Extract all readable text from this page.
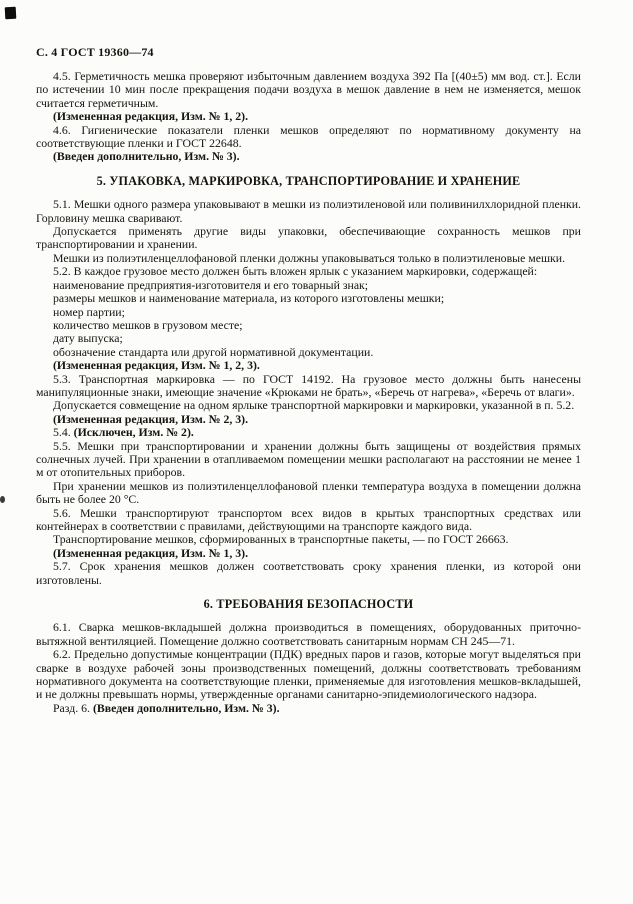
С. 4 ГОСТ 19360—74

4.5. Герметичность мешка проверяют избыточным давлением воздуха 392 Па [(40±5) мм вод. ст.]. Если по истечении 10 мин после прекращения подачи воздуха в мешок давление в нем не изменяется, мешок считается герметичным.

(Измененная редакция, Изм. № 1, 2).

4.6. Гигиенические показатели пленки мешков определяют по нормативному документу на соответствующие пленки и ГОСТ 22648.

(Введен дополнительно, Изм. № 3).

5. УПАКОВКА, МАРКИРОВКА, ТРАНСПОРТИРОВАНИЕ И ХРАНЕНИЕ

5.1. Мешки одного размера упаковывают в мешки из полиэтиленовой или поливинилхлоридной пленки. Горловину мешка сваривают.

Допускается применять другие виды упаковки, обеспечивающие сохранность мешков при транспортировании и хранении.

Мешки из полиэтиленцеллофановой пленки должны упаковываться только в полиэтиленовые мешки.

5.2. В каждое грузовое место должен быть вложен ярлык с указанием маркировки, содержащей:

наименование предприятия-изготовителя и его товарный знак;

размеры мешков и наименование материала, из которого изготовлены мешки;

номер партии;

количество мешков в грузовом месте;

дату выпуска;

обозначение стандарта или другой нормативной документации.

(Измененная редакция, Изм. № 1, 2, 3).

5.3. Транспортная маркировка — по ГОСТ 14192. На грузовое место должны быть нанесены манипуляционные знаки, имеющие значение «Крюками не брать», «Беречь от нагрева», «Беречь от влаги».

Допускается совмещение на одном ярлыке транспортной маркировки и маркировки, указанной в п. 5.2.

(Измененная редакция, Изм. № 2, 3).

5.4. (Исключен, Изм. № 2).

5.5. Мешки при транспортировании и хранении должны быть защищены от воздействия прямых солнечных лучей. При хранении в отапливаемом помещении мешки располагают на расстоянии не менее 1 м от отопительных приборов.

При хранении мешков из полиэтиленцеллофановой пленки температура воздуха в помещении должна быть не более 20 °С.

5.6. Мешки транспортируют транспортом всех видов в крытых транспортных средствах или контейнерах в соответствии с правилами, действующими на транспорте каждого вида.

Транспортирование мешков, сформированных в транспортные пакеты, — по ГОСТ 26663.

(Измененная редакция, Изм. № 1, 3).

5.7. Срок хранения мешков должен соответствовать сроку хранения пленки, из которой они изготовлены.

6. ТРЕБОВАНИЯ БЕЗОПАСНОСТИ

6.1. Сварка мешков-вкладышей должна производиться в помещениях, оборудованных приточно-вытяжной вентиляцией. Помещение должно соответствовать санитарным нормам СН 245—71.

6.2. Предельно допустимые концентрации (ПДК) вредных паров и газов, которые могут выделяться при сварке в воздухе рабочей зоны производственных помещений, должны соответствовать требованиям нормативного документа на соответствующие пленки, применяемые для изготовления мешков-вкладышей, и не должны превышать нормы, утвержденные органами санитарно-эпидемиологического надзора.

Разд. 6. (Введен дополнительно, Изм. № 3).
